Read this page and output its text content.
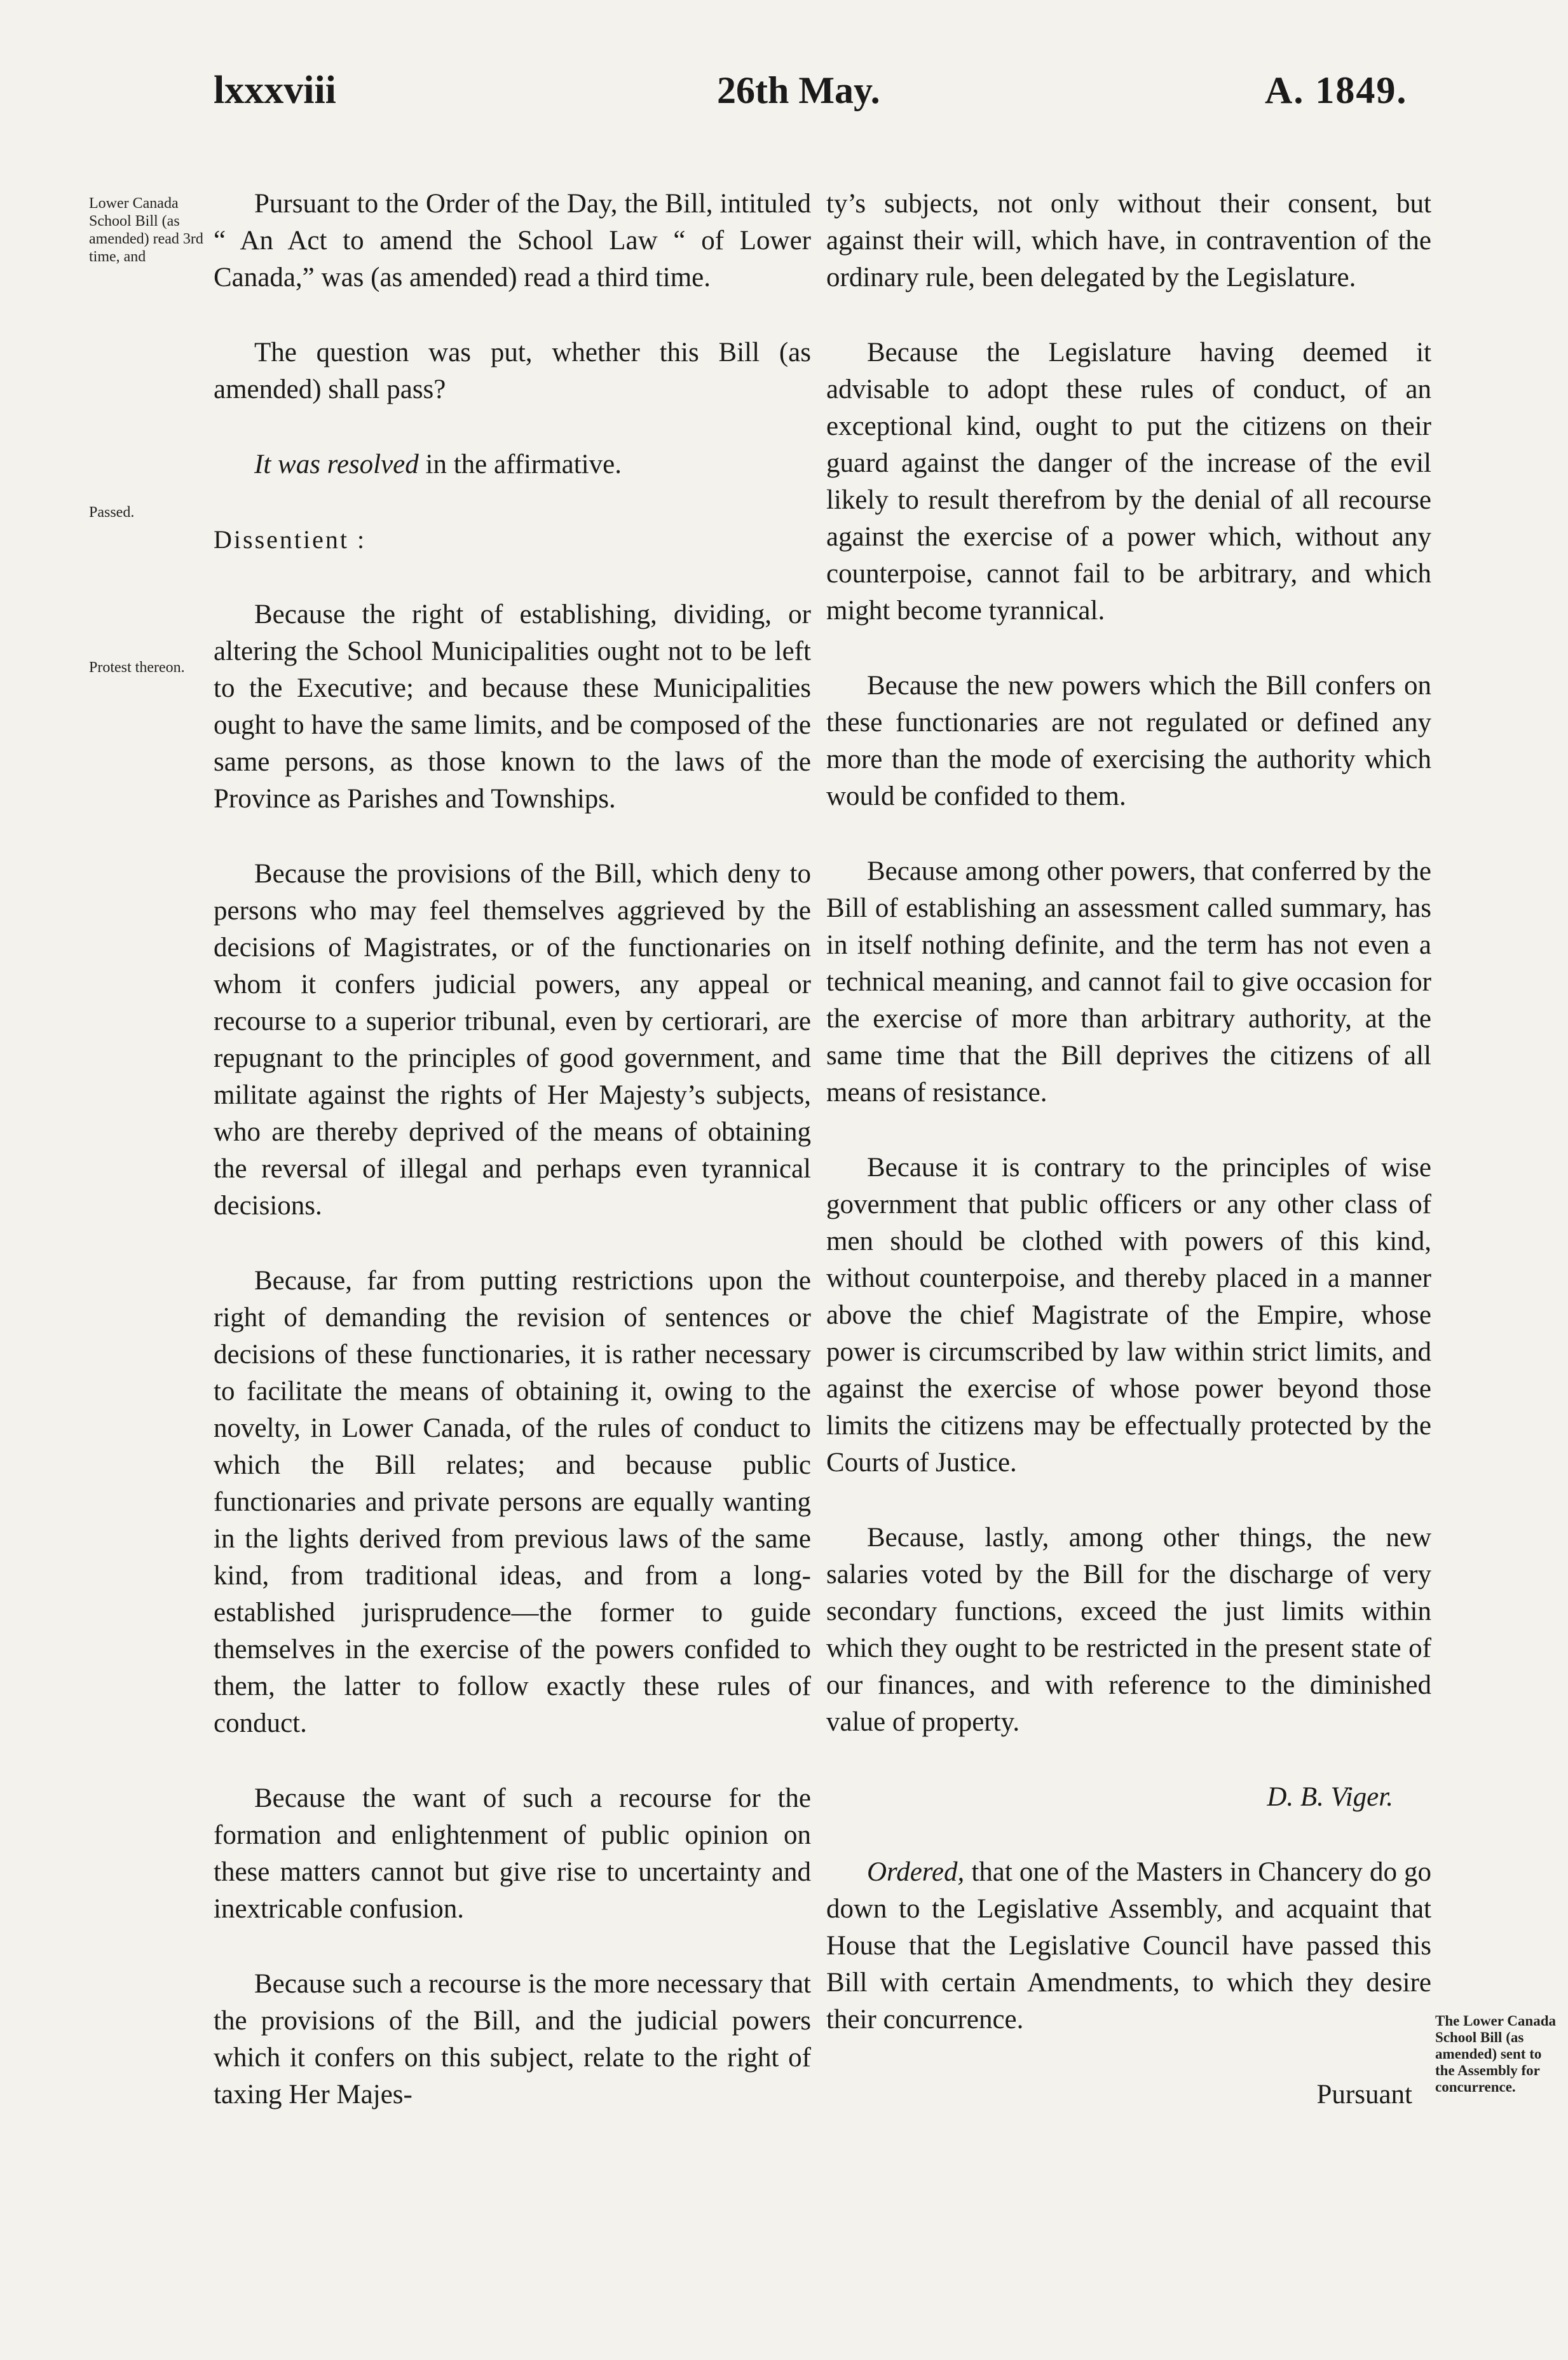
lxxxviii	26th May.	A. 1849.
Lower Canada School Bill (as amended) read 3rd time, and
Passed.
Protest thereon.
The Lower Canada School Bill (as amended) sent to the Assembly for concurrence.

Pursuant to the Order of the Day, the Bill, intituled “ An Act to amend the School Law “ of Lower Canada,” was (as amended) read a third time.

The question was put, whether this Bill (as amended) shall pass?

It was resolved in the affirmative.

Dissentient :

Because the right of establishing, dividing, or altering the School Municipalities ought not to be left to the Executive; and because these Municipalities ought to have the same limits, and be composed of the same persons, as those known to the laws of the Province as Parishes and Townships.

Because the provisions of the Bill, which deny to persons who may feel themselves aggrieved by the decisions of Magistrates, or of the functionaries on whom it confers judicial powers, any appeal or recourse to a superior tribunal, even by certiorari, are repugnant to the principles of good government, and militate against the rights of Her Majesty’s subjects, who are thereby deprived of the means of obtaining the reversal of illegal and perhaps even tyrannical decisions.

Because, far from putting restrictions upon the right of demanding the revision of sentences or decisions of these functionaries, it is rather necessary to facilitate the means of obtaining it, owing to the novelty, in Lower Canada, of the rules of conduct to which the Bill relates; and because public functionaries and private persons are equally wanting in the lights derived from previous laws of the same kind, from traditional ideas, and from a long-established jurisprudence—the former to guide themselves in the exercise of the powers confided to them, the latter to follow exactly these rules of conduct.

Because the want of such a recourse for the formation and enlightenment of public opinion on these matters cannot but give rise to uncertainty and inextricable confusion.

Because such a recourse is the more necessary that the provisions of the Bill, and the judicial powers which it confers on this subject, relate to the right of taxing Her Majes-

ty’s subjects, not only without their consent, but against their will, which have, in contravention of the ordinary rule, been delegated by the Legislature.

Because the Legislature having deemed it advisable to adopt these rules of conduct, of an exceptional kind, ought to put the citizens on their guard against the danger of the increase of the evil likely to result therefrom by the denial of all recourse against the exercise of a power which, without any counterpoise, cannot fail to be arbitrary, and which might become tyrannical.

Because the new powers which the Bill confers on these functionaries are not regulated or defined any more than the mode of exercising the authority which would be confided to them.

Because among other powers, that conferred by the Bill of establishing an assessment called summary, has in itself nothing definite, and the term has not even a technical meaning, and cannot fail to give occasion for the exercise of more than arbitrary authority, at the same time that the Bill deprives the citizens of all means of resistance.

Because it is contrary to the principles of wise government that public officers or any other class of men should be clothed with powers of this kind, without counterpoise, and thereby placed in a manner above the chief Magistrate of the Empire, whose power is circumscribed by law within strict limits, and against the exercise of whose power beyond those limits the citizens may be effectually protected by the Courts of Justice.

Because, lastly, among other things, the new salaries voted by the Bill for the discharge of very secondary functions, exceed the just limits within which they ought to be restricted in the present state of our finances, and with reference to the diminished value of property.

D. B. Viger.

Ordered, that one of the Masters in Chancery do go down to the Legislative Assembly, and acquaint that House that the Legislative Council have passed this Bill with certain Amendments, to which they desire their concurrence.

Pursuant
